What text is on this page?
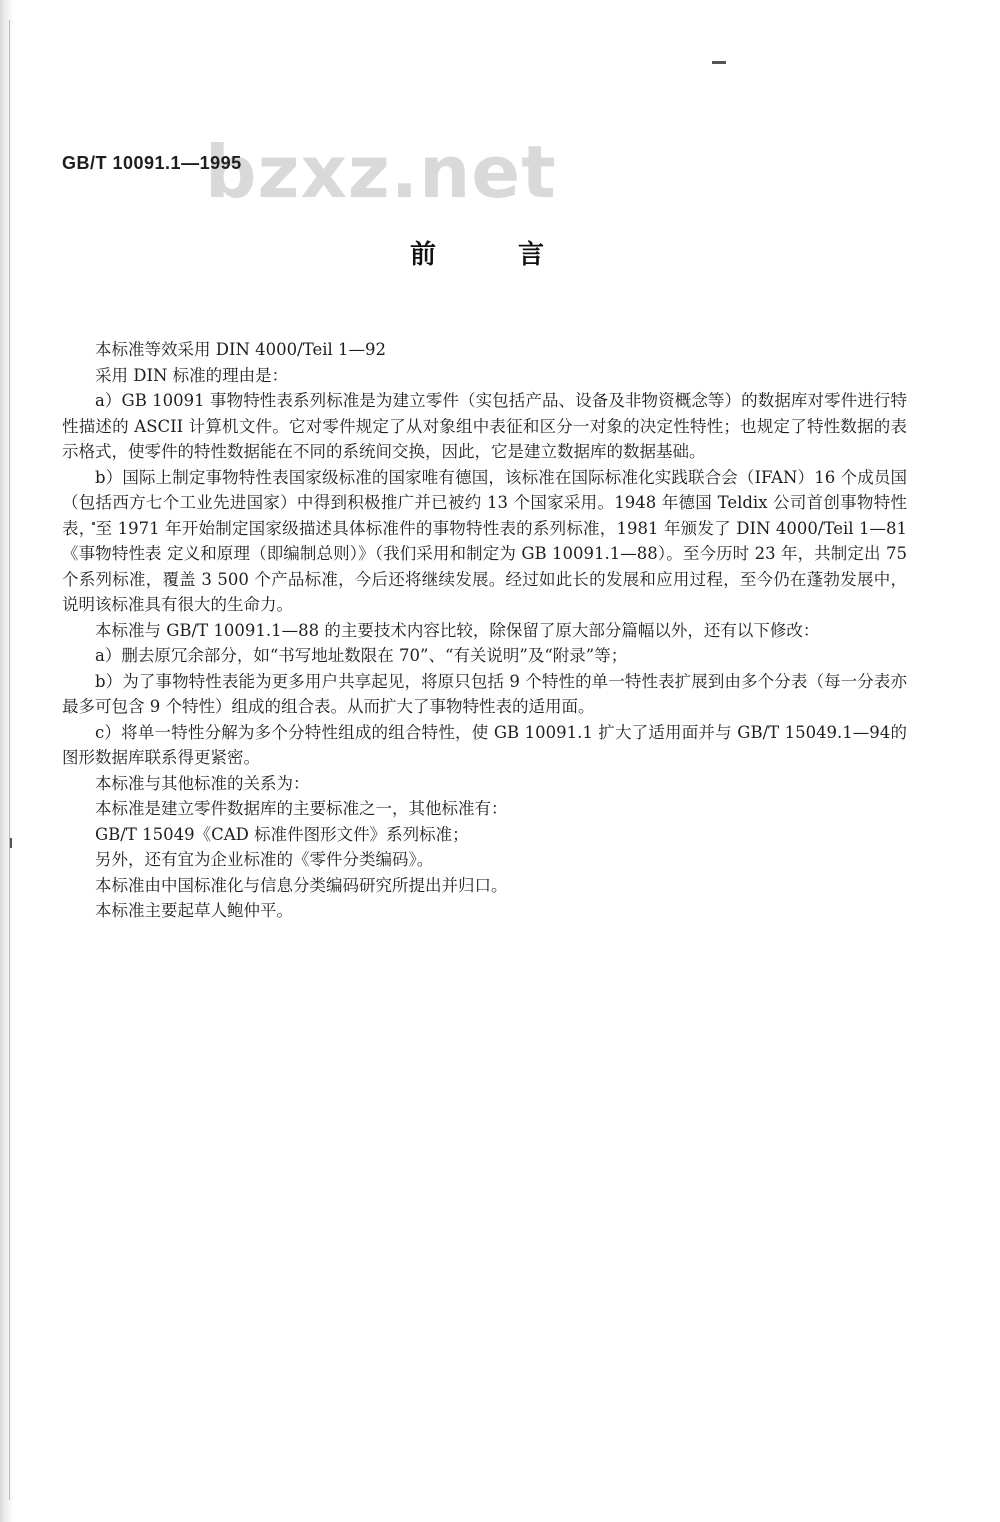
bzxz.net
GB/T 10091.1—1995
前言

本标准等效采用 DIN 4000/Teil 1—92

采用 DIN 标准的理由是：

a）GB 10091 事物特性表系列标准是为建立零件（实包括产品、设备及非物资概念等）的数据库对零件进行特性描述的 ASCII 计算机文件。它对零件规定了从对象组中表征和区分一对象的决定性特性；也规定了特性数据的表示格式，使零件的特性数据能在不同的系统间交换，因此，它是建立数据库的数据基础。

b）国际上制定事物特性表国家级标准的国家唯有德国，该标准在国际标准化实践联合会（IFAN）16 个成员国（包括西方七个工业先进国家）中得到积极推广并已被约 13 个国家采用。1948 年德国 Teldix 公司首创事物特性表，至 1971 年开始制定国家级描述具体标准件的事物特性表的系列标准，1981 年颁发了 DIN 4000/Teil 1—81《事物特性表 定义和原理（即编制总则）》（我们采用和制定为 GB 10091.1—88）。至今历时 23 年，共制定出 75 个系列标准，覆盖 3 500 个产品标准，今后还将继续发展。经过如此长的发展和应用过程，至今仍在蓬勃发展中，说明该标准具有很大的生命力。

本标准与 GB/T 10091.1—88 的主要技术内容比较，除保留了原大部分篇幅以外，还有以下修改：

a）删去原冗余部分，如“书写地址数限在 70”、“有关说明”及“附录”等；

b）为了事物特性表能为更多用户共享起见，将原只包括 9 个特性的单一特性表扩展到由多个分表（每一分表亦最多可包含 9 个特性）组成的组合表。从而扩大了事物特性表的适用面。

c）将单一特性分解为多个分特性组成的组合特性，使 GB 10091.1 扩大了适用面并与 GB/T 15049.1—94的图形数据库联系得更紧密。

本标准与其他标准的关系为：

本标准是建立零件数据库的主要标准之一，其他标准有：

GB/T 15049《CAD 标准件图形文件》系列标准；

另外，还有宜为企业标准的《零件分类编码》。

本标准由中国标准化与信息分类编码研究所提出并归口。

本标准主要起草人鲍仲平。
